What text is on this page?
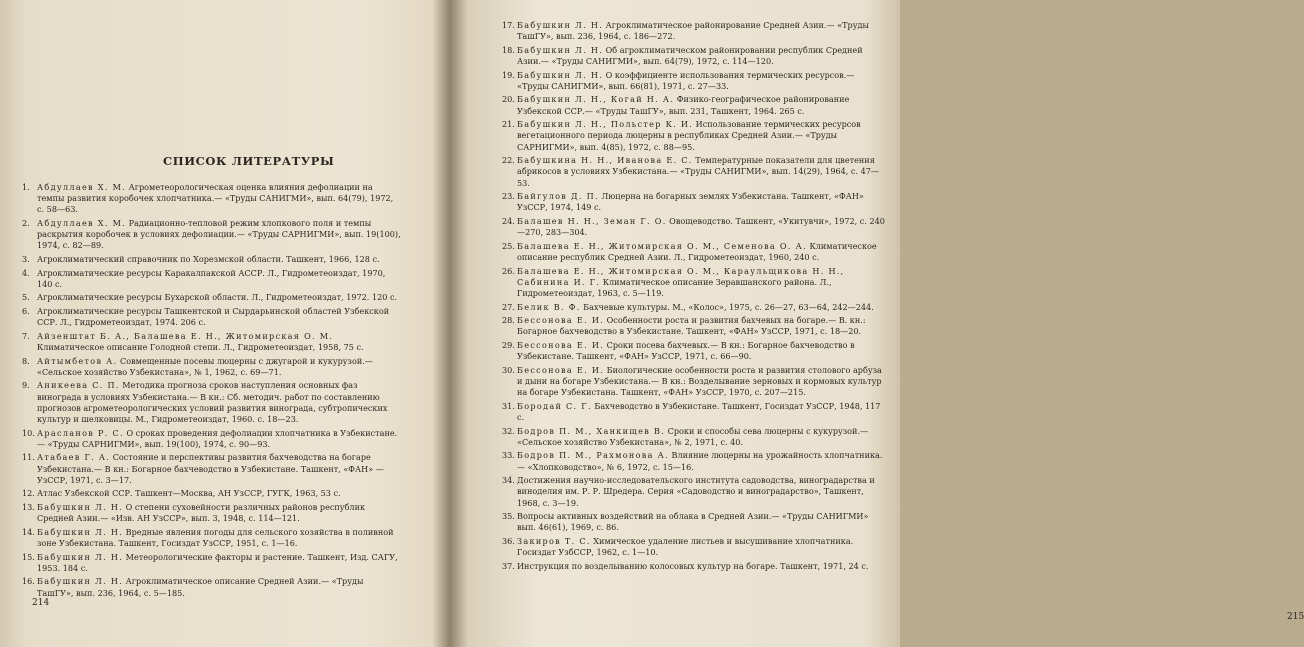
СПИСОК ЛИТЕРАТУРЫ
1. Абдуллаев Х. М. Агрометеорологическая оценка влияния дефолиации на темпы развития коробочек хлопчатника.— «Труды САНИГМИ», вып. 64(79), 1972, с. 58—63.
2. Абдуллаев Х. М. Радиационно-тепловой режим хлопкового поля и темпы раскрытия коробочек в условиях дефолиации.— «Труды САРНИГМИ», вып. 19(100), 1974, с. 82—89.
3. Агроклиматический справочник по Хорезмской области. Ташкент, 1966, 128 с.
4. Агроклиматические ресурсы Каракалпакской АССР. Л., Гидрометеоиздат, 1970, 140 с.
5. Агроклиматические ресурсы Бухарской области. Л., Гидрометеоиздат, 1972. 120 с.
6. Агроклиматические ресурсы Ташкентской и Сырдарьинской областей Узбекской ССР. Л., Гидрометеоиздат, 1974. 206 с.
7. Айзенштат Б. А., Балашева Е. Н., Житомирская О. М. Климатическое описание Голодной степи. Л., Гидрометеоиздат, 1958, 75 с.
8. Айтымбетов А. Совмещенные посевы люцерны с джугарой и кукурузой.— «Сельское хозяйство Узбекистана», № 1, 1962, с. 69—71.
9. Аникеева С. П. Методика прогноза сроков наступления основных фаз винограда в условиях Узбекистана.— В кн.: Сб. методич. работ по составлению прогнозов агрометеорологических условий развития винограда, субтропических культур и шелковицы. М., Гидрометеоиздат, 1960. с. 18—23.
10. Арасланов Р. С. О сроках проведения дефолиации хлопчатника в Узбекистане.— «Труды САРНИГМИ», вып. 19(100), 1974, с. 90—93.
11. Атабаев Г. А. Состояние и перспективы развития бахчеводства на богаре Узбекистана.— В кн.: Богарное бахчеводство в Узбекистане. Ташкент, «ФАН» — УзССР, 1971, с. 3—17.
12. Атлас Узбекской ССР. Ташкент—Москва, АН УзССР, ГУГК, 1963, 53 с.
13. Бабушкин Л. Н. О степени суховейности различных районов республик Средней Азии.— «Изв. АН УзССР», вып. 3, 1948, с. 114—121.
14. Бабушкин Л. Н. Вредные явления погоды для сельского хозяйства в поливной зоне Узбекистана. Ташкент, Госиздат УзССР, 1951, с. 1—16.
15. Бабушкин Л. Н. Метеорологические факторы и растение. Ташкент, Изд. САГУ, 1953. 184 с.
16. Бабушкин Л. Н. Агроклиматическое описание Средней Азии.— «Труды ТашГУ», вып. 236, 1964, с. 5—185.
214
17. Бабушкин Л. Н. Агроклиматическое районирование Средней Азии.— «Труды ТашГУ», вып. 236, 1964, с. 186—272.
18. Бабушкин Л. Н. Об агроклиматическом районировании республик Средней Азии.— «Труды САНИГМИ», вып. 64(79), 1972, с. 114—120.
19. Бабушкин Л. Н. О коэффициенте использования термических ресурсов.— «Труды САНИГМИ», вып. 66(81), 1971, с. 27—33.
20. Бабушкин Л. Н., Когай Н. А. Физико-географическое районирование Узбекской ССР.— «Труды ТашГУ», вып. 231, Ташкент, 1964. 265 с.
21. Бабушкин Л. Н., Польстер К. И. Использование термических ресурсов вегетационного периода люцерны в республиках Средней Азии.— «Труды САРНИГМИ», вып. 4(85), 1972, с. 88—95.
22. Бабушкина Н. Н., Иванова Е. С. Температурные показатели для цветения абрикосов в условиях Узбекистана.— «Труды САНИГМИ», вып. 14(29), 1964, с. 47—53.
23. Байгулов Д. П. Люцерна на богарных землях Узбекистана. Ташкент, «ФАН» УзССР, 1974, 149 с.
24. Балашев Н. Н., Земан Г. О. Овощеводство. Ташкент, «Укитувчи», 1972, с. 240—270, 283—304.
25. Балашева Е. Н., Житомирская О. М., Семенова О. А. Климатическое описание республик Средней Азии. Л., Гидрометеоиздат, 1960, 240 с.
26. Балашева Е. Н., Житомирская О. М., Караульщикова Н. Н., Сабинина И. Г. Климатическое описание Зеравшанского района. Л., Гидрометеоиздат, 1963, с. 5—119.
27. Белик В. Ф. Бахчевые культуры. М., «Колос», 1975, с. 26—27, 63—64, 242—244.
28. Бессонова Е. И. Особенности роста и развития бахчевых на богаре.— В. кн.: Богарное бахчеводство в Узбекистане. Ташкент, «ФАН» УзССР, 1971, с. 18—20.
29. Бессонова Е. И. Сроки посева бахчевых.— В кн.: Богарное бахчеводство в Узбекистане. Ташкент, «ФАН» УзССР, 1971, с. 66—90.
30. Бессонова Е. И. Биологические особенности роста и развития столового арбуза и дыни на богаре Узбекистана.— В кн.: Возделывание зерновых и кормовых культур на богаре Узбекистана. Ташкент, «ФАН» УзССР, 1970, с. 207—215.
31. Бородай С. Г. Бахчеводство в Узбекистане. Ташкент, Госиздат УзССР, 1948, 117 с.
32. Бодров П. М., Ханкищев В. Сроки и способы сева люцерны с кукурузой.— «Сельское хозяйство Узбекистана», № 2, 1971, с. 40.
33. Бодров П. М., Рахмонова А. Влияние люцерны на урожайность хлопчатника.— «Хлопководство», № 6, 1972, с. 15—16.
34. Достижения научно-исследовательского института садоводства, виноградарства и виноделия им. Р. Р. Шредера. Серия «Садоводство и виноградарство», Ташкент, 1968, с. 3—19.
35. Вопросы активных воздействий на облака в Средней Азии.— «Труды САНИГМИ» вып. 46(61), 1969, с. 86.
36. Закиров Т. С. Химическое удаление листьев и высушивание хлопчатника. Госиздат УзбССР, 1962, с. 1—10.
37. Инструкция по возделыванию колосовых культур на богаре. Ташкент, 1971, 24 с.
215
